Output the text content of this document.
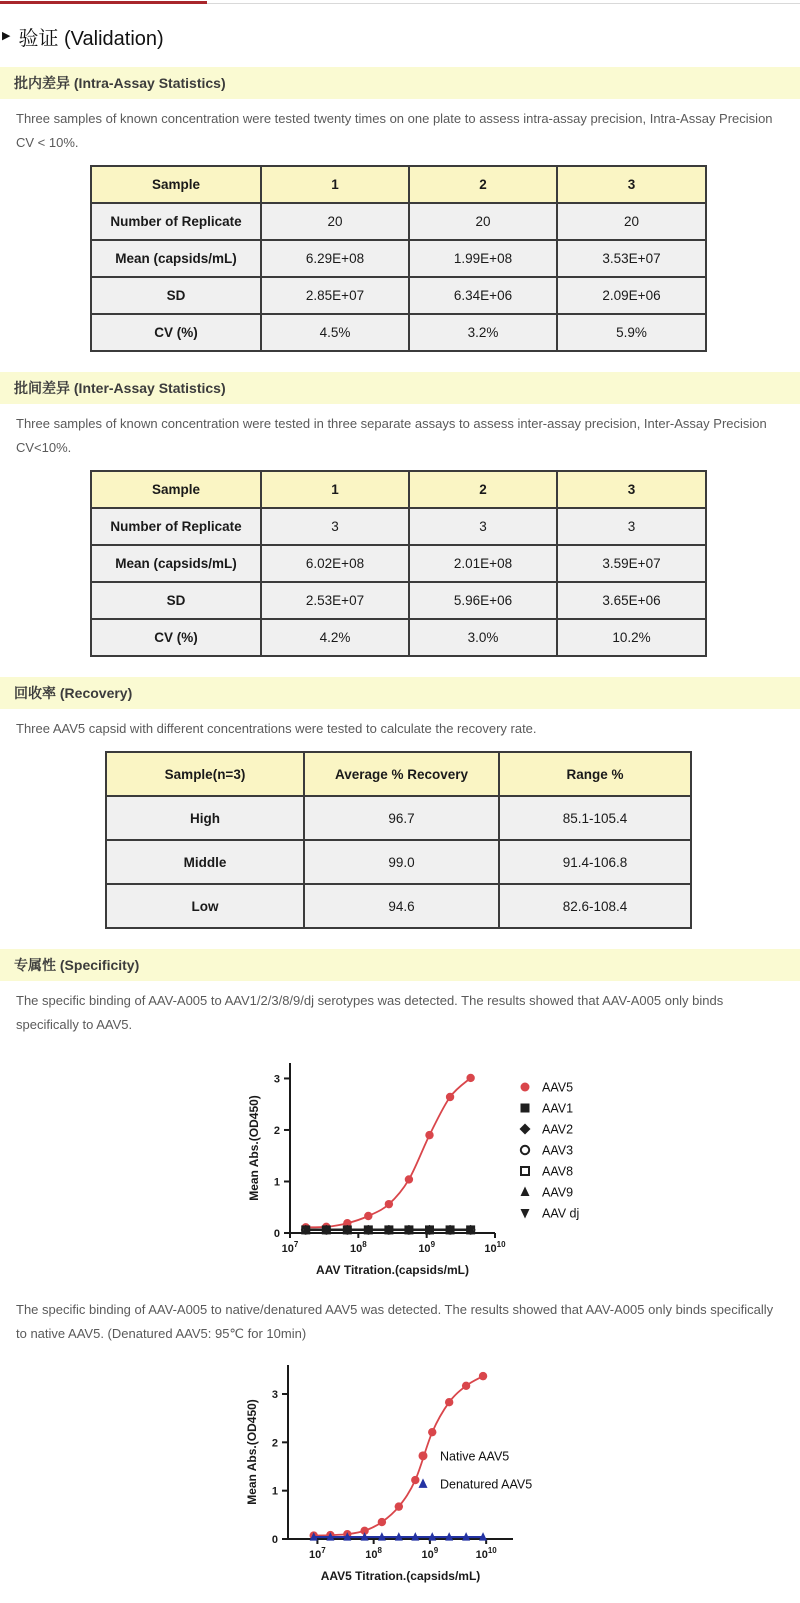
▶ 验证 (Validation)
批内差异 (Intra-Assay Statistics)

Three samples of known concentration were tested twenty times on one plate to assess intra-assay precision, Intra-Assay Precision CV < 10%.

Sample	1	2	3
Number of Replicate	20	20	20
Mean (capsids/mL)	6.29E+08	1.99E+08	3.53E+07
SD	2.85E+07	6.34E+06	2.09E+06
CV (%)	4.5%	3.2%	5.9%
批间差异 (Inter-Assay Statistics)

Three samples of known concentration were tested in three separate assays to assess inter-assay precision, Inter-Assay Precision CV<10%.

Sample	1	2	3
Number of Replicate	3	3	3
Mean (capsids/mL)	6.02E+08	2.01E+08	3.59E+07
SD	2.53E+07	5.96E+06	3.65E+06
CV (%)	4.2%	3.0%	10.2%
回收率 (Recovery)

Three AAV5 capsid with different concentrations were tested to calculate the recovery rate.

Sample(n=3)	Average % Recovery	Range %
High	96.7	85.1-105.4
Middle	99.0	91.4-106.8
Low	94.6	82.6-108.4
专属性 (Specificity)

The specific binding of AAV-A005 to AAV1/2/3/8/9/dj serotypes was detected. The results showed that AAV-A005 only binds specifically to AAV5.

0
1
2
3
$10^7$	$10^8$	$10^9$	$10^{10}$
AAV Titration.(capsids/mL)
Mean Abs.(OD450)
AAV5
AAV1
AAV2
AAV3
AAV8
AAV9
AAV dj

The specific binding of AAV-A005 to native/denatured AAV5 was detected. The results showed that AAV-A005 only binds specifically to native AAV5. (Denatured AAV5: 95℃ for 10min)

0
1
2
3
$10^7$	$10^8$	$10^9$	$10^{10}$
AAV5 Titration.(capsids/mL)
Mean Abs.(OD450)	Native AAV5
Denatured AAV5
